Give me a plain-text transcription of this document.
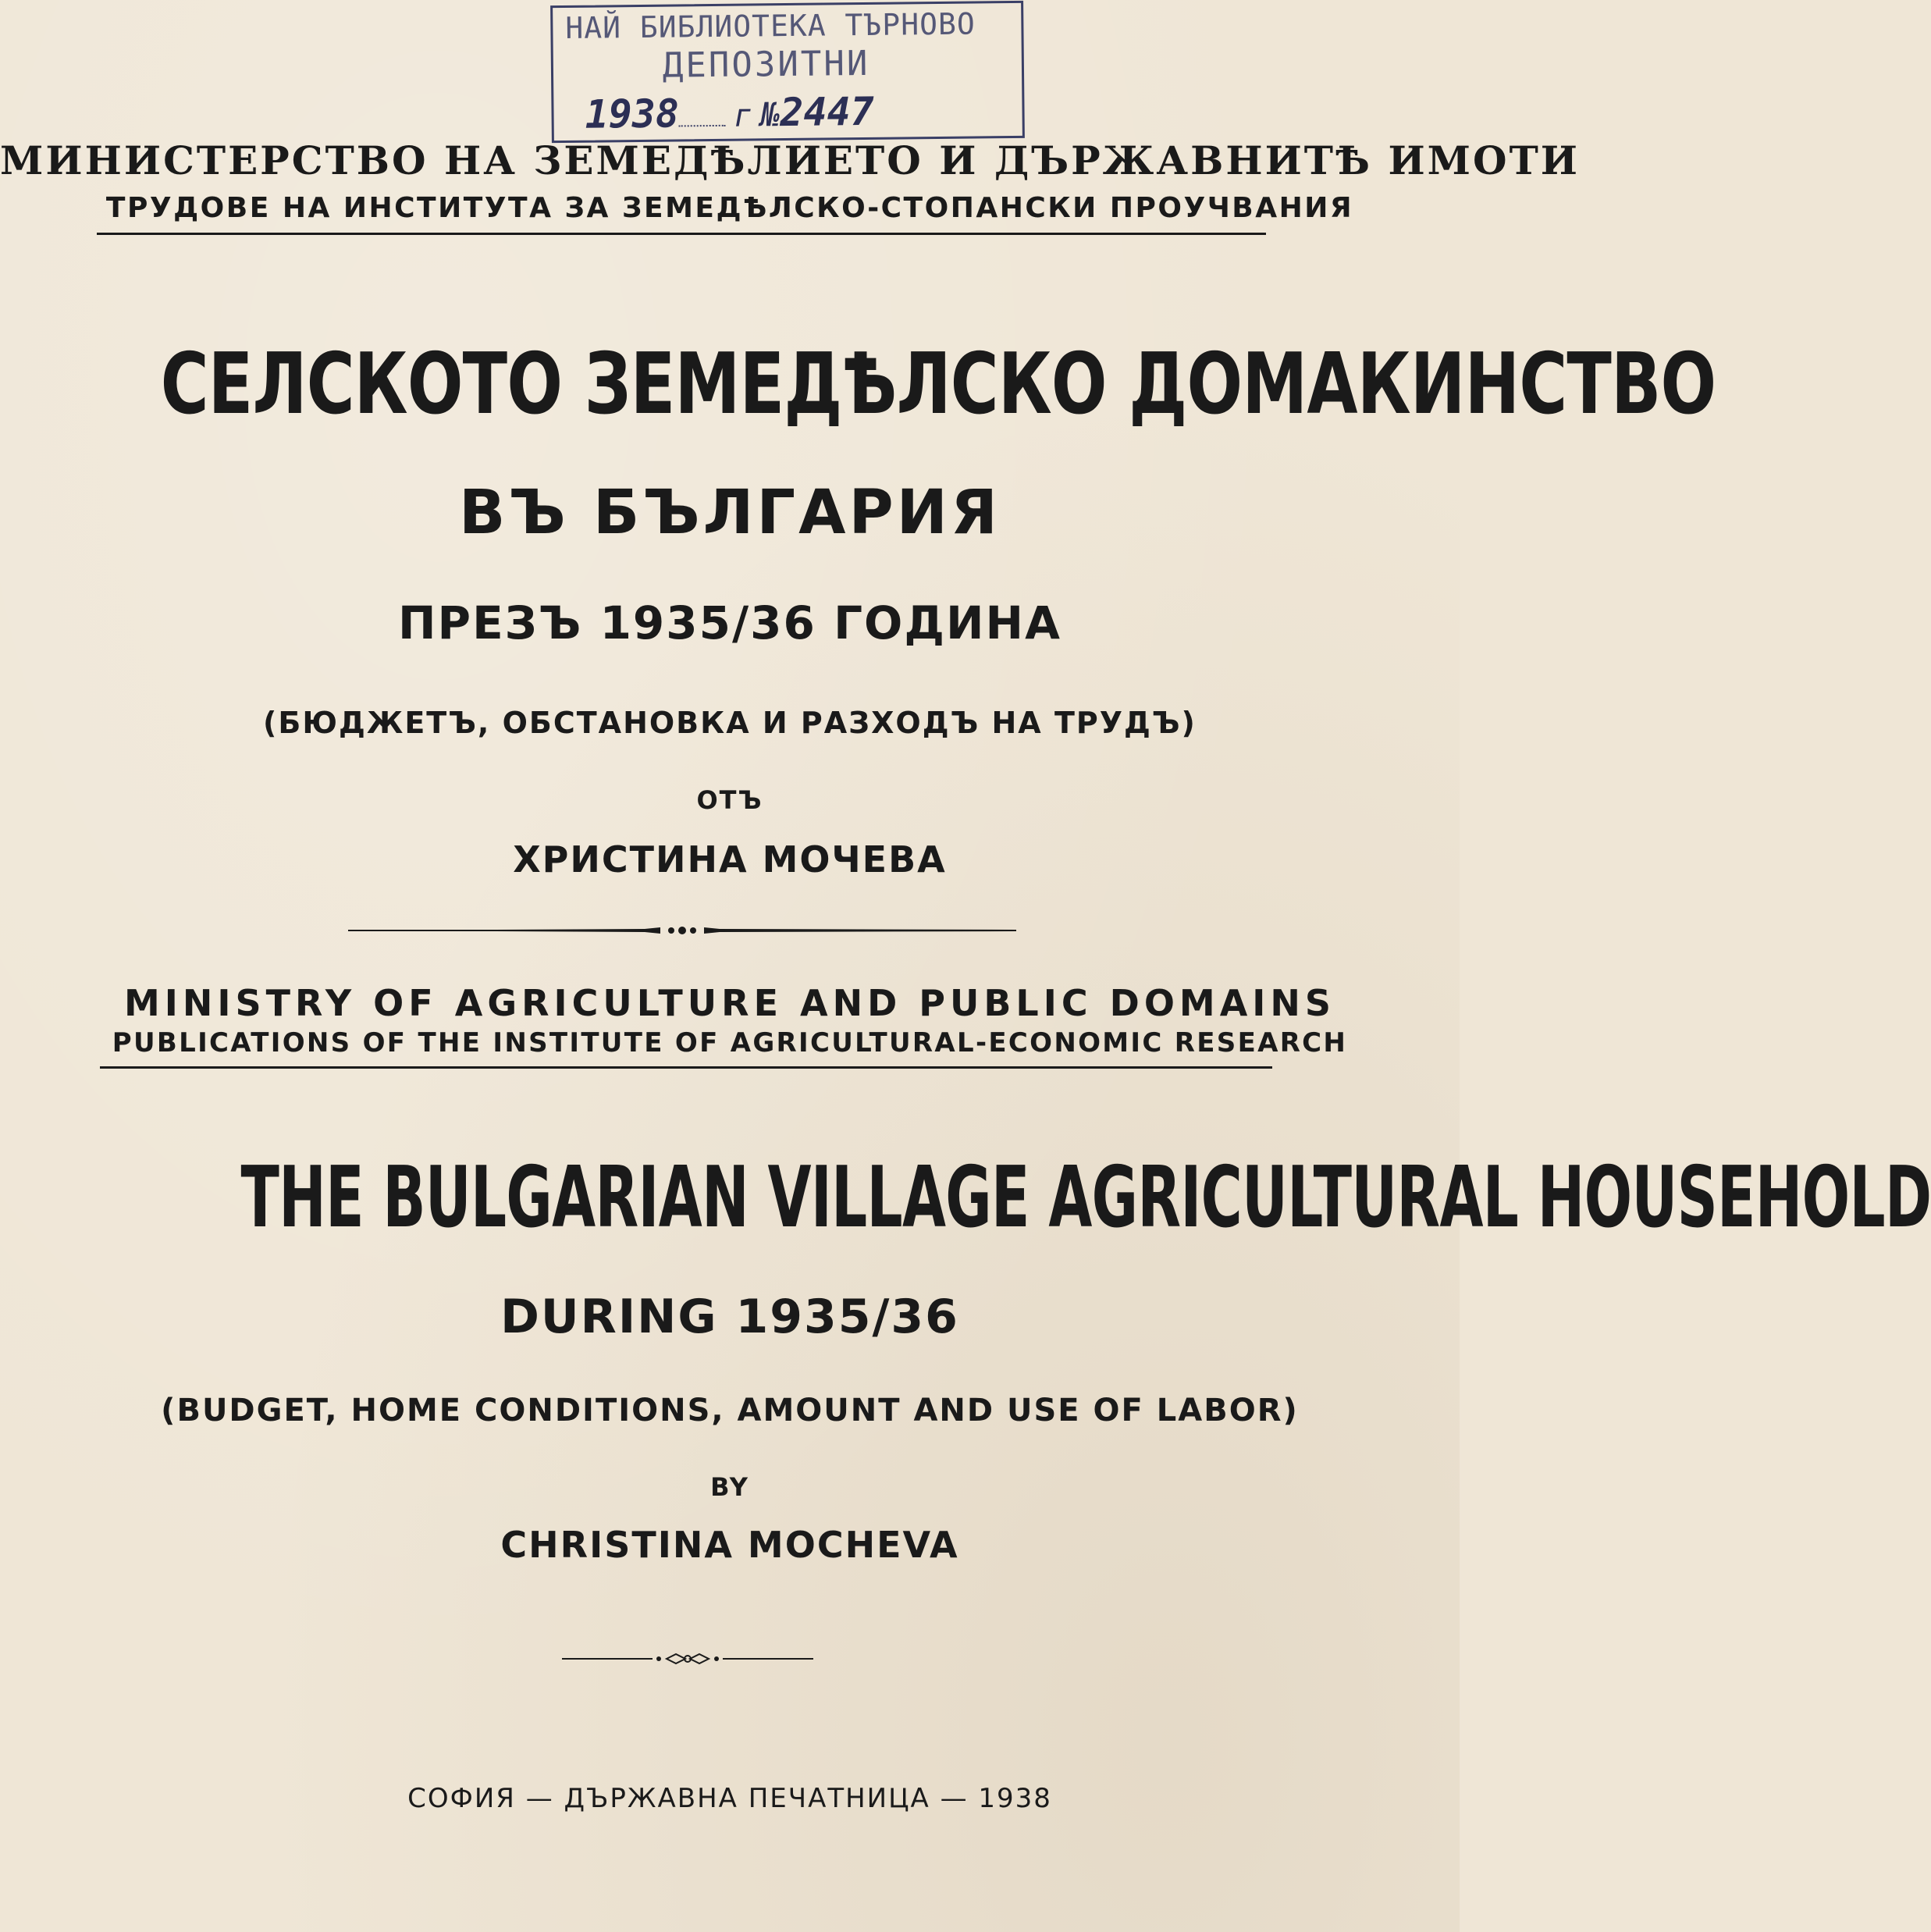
НАЙ БИБЛИОТЕКА ТЪРНОВО
ДЕПОЗИТНИ
1938 г №2447
МИНИСТЕРСТВО НА ЗЕМЕДѢЛИЕТО И ДЪРЖАВНИТѢ ИМОТИ
ТРУДОВЕ НА ИНСТИТУТА ЗА ЗЕМЕДѢЛСКО-СТОПАНСКИ ПРОУЧВАНИЯ
СЕЛСКОТО ЗЕМЕДѢЛСКО ДОМАКИНСТВО
ВЪ БЪЛГАРИЯ
ПРЕЗЪ 1935/36 ГОДИНА
(БЮДЖЕТЪ, ОБСТАНОВКА И РАЗХОДЪ НА ТРУДЪ)
ОТЪ
ХРИСТИНА МОЧЕВА
MINISTRY OF AGRICULTURE AND PUBLIC DOMAINS
PUBLICATIONS OF THE INSTITUTE OF AGRICULTURAL-ECONOMIC RESEARCH
THE BULGARIAN VILLAGE AGRICULTURAL HOUSEHOLD
DURING 1935/36
(BUDGET, HOME CONDITIONS, AMOUNT AND USE OF LABOR)
BY
CHRISTINA MOCHEVA
СОФИЯ — ДЪРЖАВНА ПЕЧАТНИЦА — 1938
